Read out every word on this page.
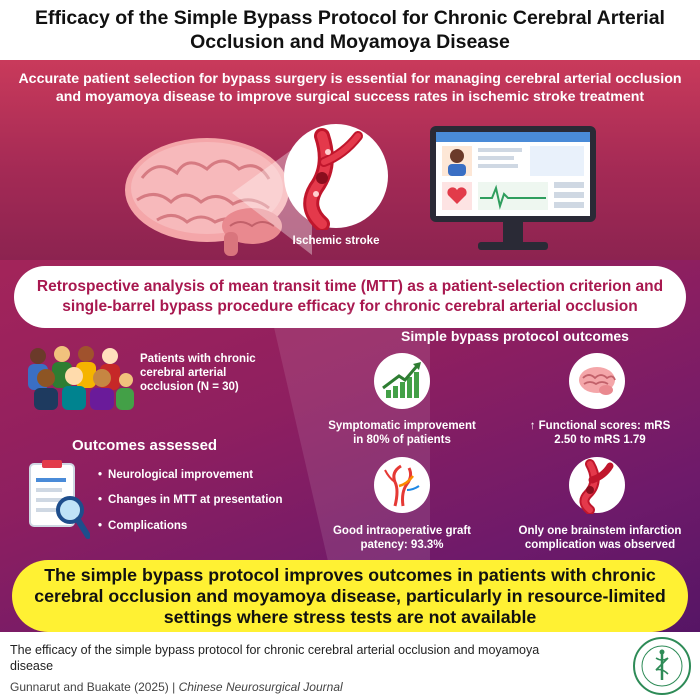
Efficacy of the Simple Bypass Protocol for Chronic Cerebral Arterial Occlusion and Moyamoya Disease
Accurate patient selection for bypass surgery is essential for managing cerebral arterial occlusion and moyamoya disease to improve surgical success rates in ischemic stroke treatment
Ischemic stroke
Retrospective analysis of mean transit time (MTT) as a patient-selection criterion and single-barrel bypass procedure efficacy for chronic cerebral arterial occlusion
Patients with chronic cerebral arterial occlusion (N = 30)
Outcomes assessed
• Neurological improvement
• Changes in MTT at presentation
• Complications
Simple bypass protocol outcomes
Symptomatic improvement in 80% of patients
↑ Functional scores: mRS 2.50 to mRS 1.79
Good intraoperative graft patency: 93.3%
Only one brainstem infarction complication was observed
The simple bypass protocol improves outcomes in patients with chronic cerebral occlusion and moyamoya disease, particularly in resource-limited settings where stress tests are not available
The efficacy of the simple bypass protocol for chronic cerebral arterial occlusion and moyamoya disease
Gunnarut and Buakate (2025) | Chinese Neurosurgical Journal
